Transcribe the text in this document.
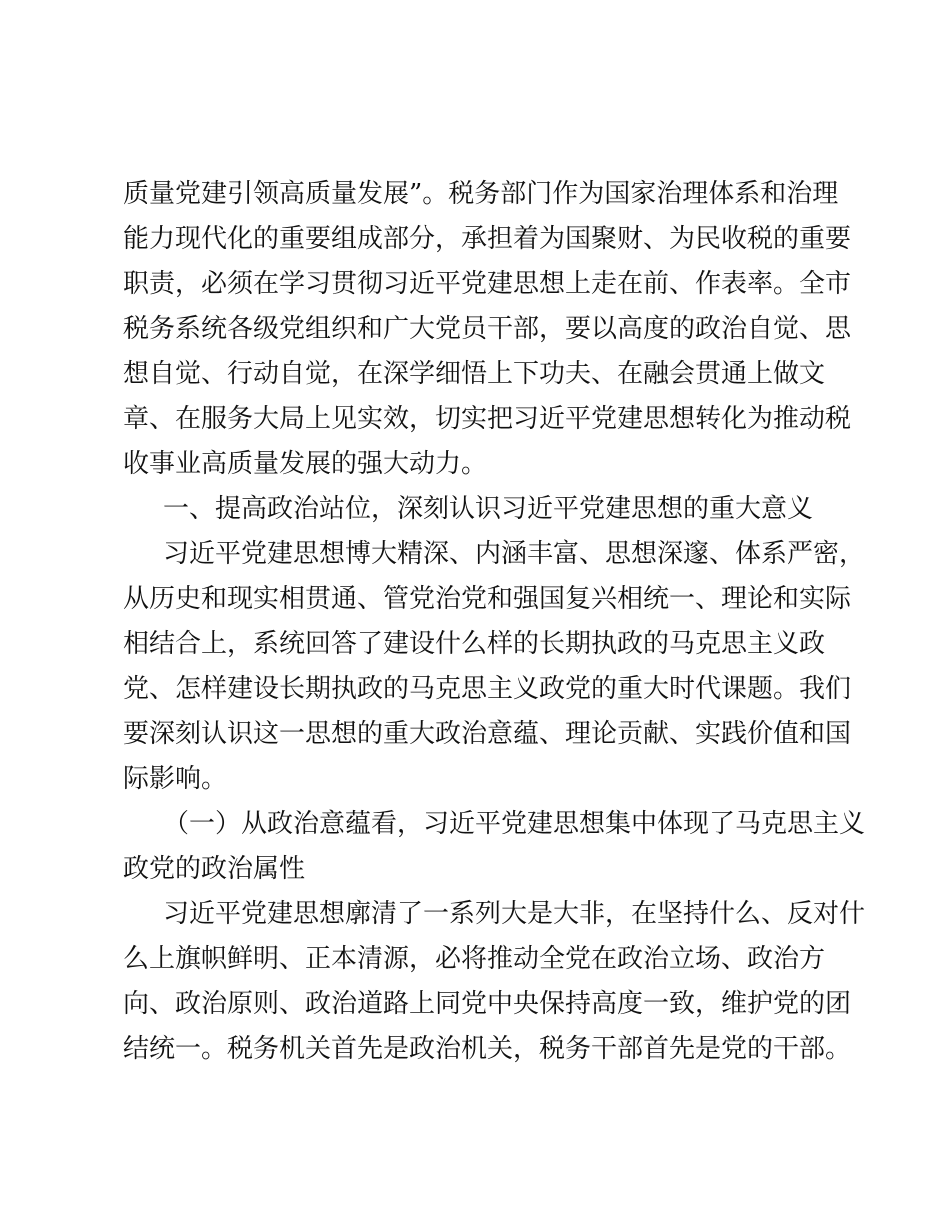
质量党建引领高质量发展”。税务部门作为国家治理体系和治理
能力现代化的重要组成部分，承担着为国聚财、为民收税的重要
职责，必须在学习贯彻习近平党建思想上走在前、作表率。全市
税务系统各级党组织和广大党员干部，要以高度的政治自觉、思
想自觉、行动自觉，在深学细悟上下功夫、在融会贯通上做文
章、在服务大局上见实效，切实把习近平党建思想转化为推动税
收事业高质量发展的强大动力。
一、提高政治站位，深刻认识习近平党建思想的重大意义
习近平党建思想博大精深、内涵丰富、思想深邃、体系严密，
从历史和现实相贯通、管党治党和强国复兴相统一、理论和实际
相结合上，系统回答了建设什么样的长期执政的马克思主义政
党、怎样建设长期执政的马克思主义政党的重大时代课题。我们
要深刻认识这一思想的重大政治意蕴、理论贡献、实践价值和国
际影响。
（一）从政治意蕴看，习近平党建思想集中体现了马克思主义
政党的政治属性
习近平党建思想廓清了一系列大是大非，在坚持什么、反对什
么上旗帜鲜明、正本清源，必将推动全党在政治立场、政治方
向、政治原则、政治道路上同党中央保持高度一致，维护党的团
结统一。税务机关首先是政治机关，税务干部首先是党的干部。
